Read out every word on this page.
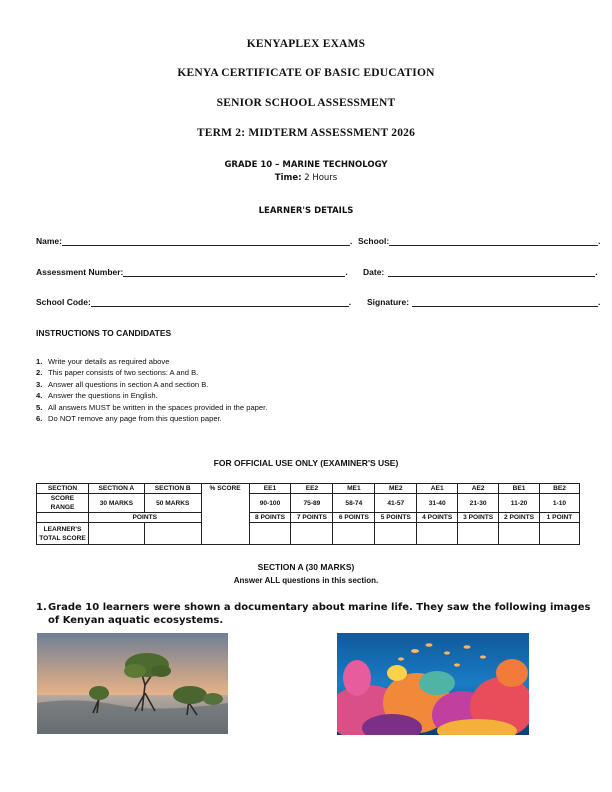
KENYAPLEX EXAMS
KENYA CERTIFICATE OF BASIC EDUCATION
SENIOR SCHOOL ASSESSMENT
TERM 2: MIDTERM ASSESSMENT 2026
GRADE 10 – MARINE TECHNOLOGY
Time: 2 Hours
LEARNER'S DETAILS
Name:	. School:	.
Assessment Number:	. Date:	.
School Code:	. Signature:	.
INSTRUCTIONS TO CANDIDATES
1. Write your details as required above
2. This paper consists of two sections: A and B.
3. Answer all questions in section A and section B.
4. Answer the questions in English.
5. All answers MUST be written in the spaces provided in the paper.
6. Do NOT remove any page from this question paper.
FOR OFFICIAL USE ONLY (EXAMINER'S USE)
SECTION	SECTION A	SECTION B	% SCORE	EE1	EE2	ME1	ME2	AE1	AE2	BE1	BE2
SCORE RANGE	30 MARKS	50 MARKS		90-100	75-89	58-74	41-57	31-40	21-30	11-20	1-10
	POINTS			8 POINTS	7 POINTS	6 POINTS	5 POINTS	4 POINTS	3 POINTS	2 POINTS	1 POINT
LEARNER'S TOTAL SCORE											
SECTION A (30 MARKS)
Answer ALL questions in this section.
1. Grade 10 learners were shown a documentary about marine life. They saw the following images of Kenyan aquatic ecosystems.
